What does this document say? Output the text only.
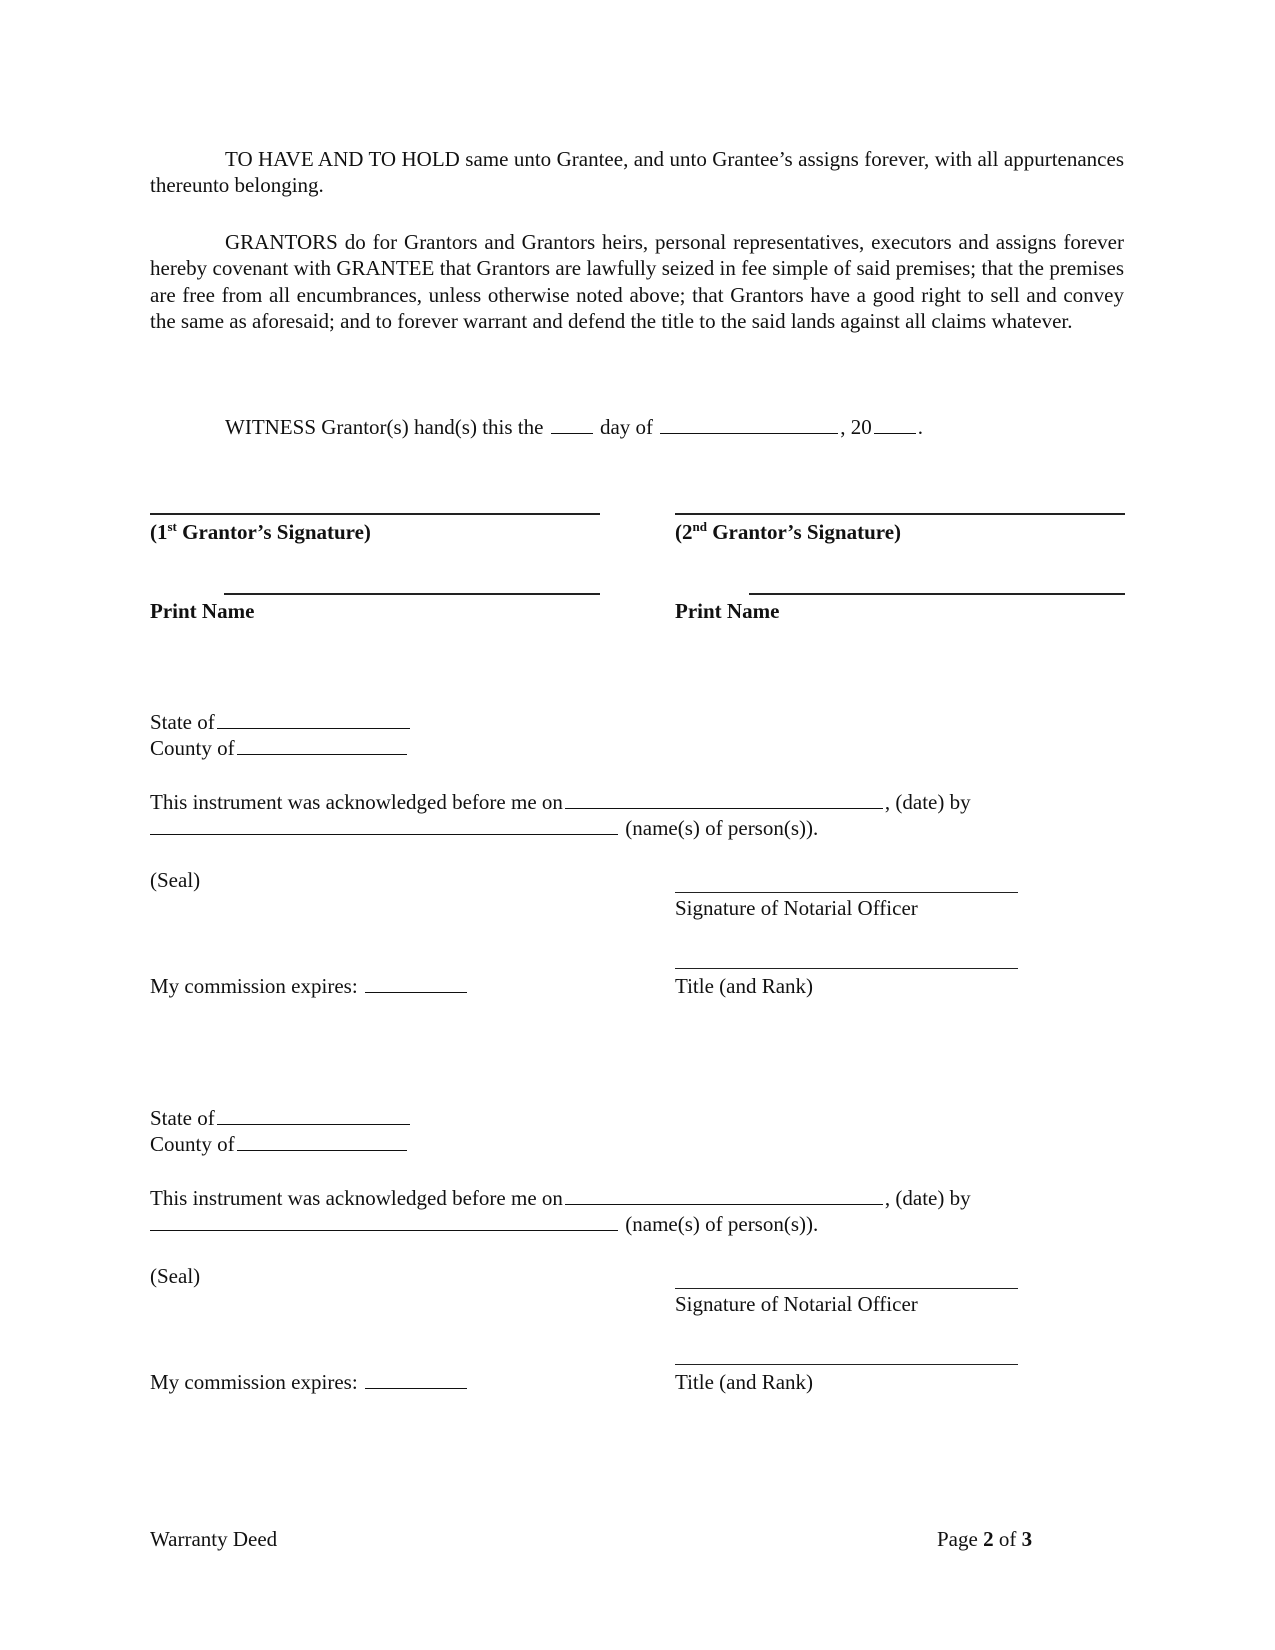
TO HAVE AND TO HOLD same unto Grantee, and unto Grantee’s assigns forever, with all appurtenances thereunto belonging.
GRANTORS do for Grantors and Grantors heirs, personal representatives, executors and assigns forever hereby covenant with GRANTEE that Grantors are lawfully seized in fee simple of said premises; that the premises are free from all encumbrances, unless otherwise noted above; that Grantors have a good right to sell and convey the same as aforesaid; and to forever warrant and defend the title to the said lands against all claims whatever.
WITNESS Grantor(s) hand(s) this the	day of	, 20 .
(1st Grantor’s Signature)	(2nd Grantor’s Signature)
Print Name	Print Name
State of
County of
This instrument was acknowledged before me on	, (date) by
(name(s) of person(s)).
(Seal)
Signature of Notarial Officer
My commission expires:	Title (and Rank)
State of
County of
This instrument was acknowledged before me on	, (date) by
(name(s) of person(s)).
(Seal)
Signature of Notarial Officer
My commission expires:	Title (and Rank)
Warranty Deed	Page 2 of 3
